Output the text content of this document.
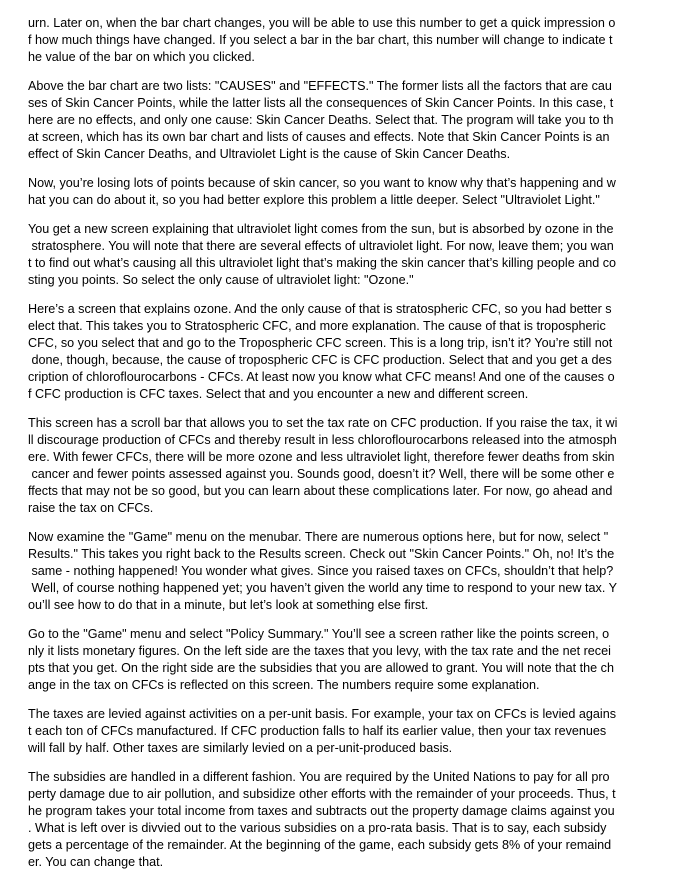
urn. Later on, when the bar chart changes, you will be able to use this number to get a quick impression o
f how much things have changed. If you select a bar in the bar chart, this number will change to indicate t
he value of the bar on which you clicked.
Above the bar chart are two lists: "CAUSES" and "EFFECTS." The former lists all the factors that are cau
ses of Skin Cancer Points, while the latter lists all the consequences of Skin Cancer Points. In this case, t
here are no effects, and only one cause: Skin Cancer Deaths. Select that. The program will take you to th
at screen, which has its own bar chart and lists of causes and effects. Note that Skin Cancer Points is an
effect of Skin Cancer Deaths, and Ultraviolet Light is the cause of Skin Cancer Deaths.
Now, you’re losing lots of points because of skin cancer, so you want to know why that’s happening and w
hat you can do about it, so you had better explore this problem a little deeper. Select "Ultraviolet Light."
You get a new screen explaining that ultraviolet light comes from the sun, but is absorbed by ozone in the
stratosphere. You will note that there are several effects of ultraviolet light. For now, leave them; you wan
t to find out what’s causing all this ultraviolet light that’s making the skin cancer that’s killing people and co
sting you points. So select the only cause of ultraviolet light: "Ozone."
Here’s a screen that explains ozone. And the only cause of that is stratospheric CFC, so you had better s
elect that. This takes you to Stratospheric CFC, and more explanation. The cause of that is tropospheric
CFC, so you select that and go to the Tropospheric CFC screen. This is a long trip, isn’t it? You’re still not
done, though, because, the cause of tropospheric CFC is CFC production. Select that and you get a des
cription of chloroflourocarbons - CFCs. At least now you know what CFC means! And one of the causes o
f CFC production is CFC taxes. Select that and you encounter a new and different screen.
This screen has a scroll bar that allows you to set the tax rate on CFC production. If you raise the tax, it wi
ll discourage production of CFCs and thereby result in less chloroflourocarbons released into the atmosph
ere. With fewer CFCs, there will be more ozone and less ultraviolet light, therefore fewer deaths from skin
cancer and fewer points assessed against you. Sounds good, doesn’t it? Well, there will be some other e
ffects that may not be so good, but you can learn about these complications later. For now, go ahead and
raise the tax on CFCs.
Now examine the "Game" menu on the menubar. There are numerous options here, but for now, select "
Results." This takes you right back to the Results screen. Check out "Skin Cancer Points." Oh, no! It’s the
same - nothing happened! You wonder what gives. Since you raised taxes on CFCs, shouldn’t that help?
Well, of course nothing happened yet; you haven’t given the world any time to respond to your new tax. Y
ou’ll see how to do that in a minute, but let’s look at something else first.
Go to the "Game" menu and select "Policy Summary." You’ll see a screen rather like the points screen, o
nly it lists monetary figures. On the left side are the taxes that you levy, with the tax rate and the net recei
pts that you get. On the right side are the subsidies that you are allowed to grant. You will note that the ch
ange in the tax on CFCs is reflected on this screen. The numbers require some explanation.
The taxes are levied against activities on a per-unit basis. For example, your tax on CFCs is levied agains
t each ton of CFCs manufactured. If CFC production falls to half its earlier value, then your tax revenues
will fall by half. Other taxes are similarly levied on a per-unit-produced basis.
The subsidies are handled in a different fashion. You are required by the United Nations to pay for all pro
perty damage due to air pollution, and subsidize other efforts with the remainder of your proceeds. Thus, t
he program takes your total income from taxes and subtracts out the property damage claims against you
. What is left over is divvied out to the various subsidies on a pro-rata basis. That is to say, each subsidy
gets a percentage of the remainder. At the beginning of the game, each subsidy gets 8% of your remaind
er. You can change that.
